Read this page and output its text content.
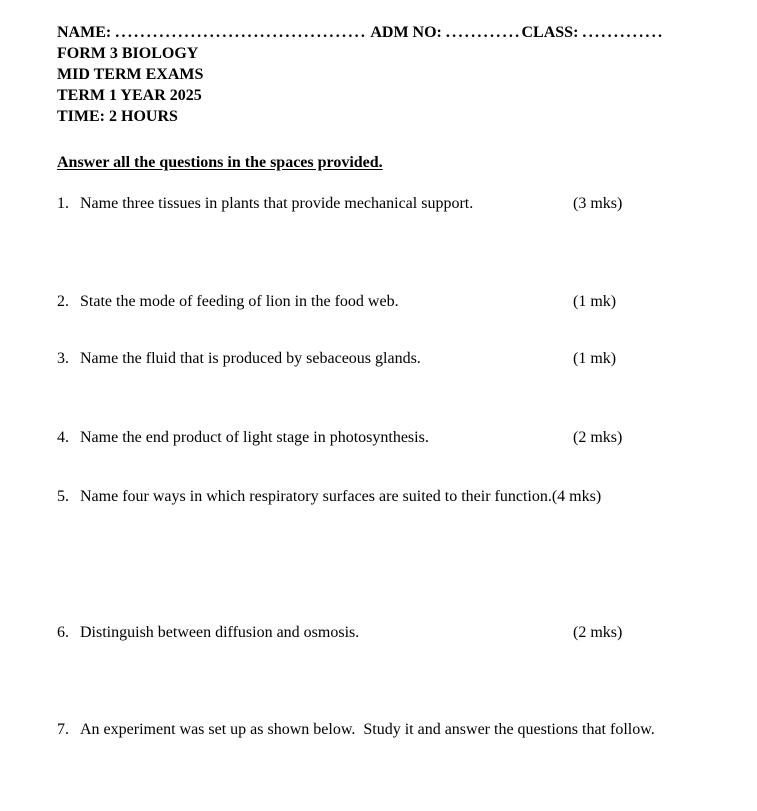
NAME: ........................................ ADM NO: ............CLASS: .............
FORM 3 BIOLOGY
MID TERM EXAMS
TERM 1 YEAR 2025
TIME: 2 HOURS
Answer all the questions in the spaces provided.
1. Name three tissues in plants that provide mechanical support.	(3 mks)
2. State the mode of feeding of lion in the food web.	(1 mk)
3. Name the fluid that is produced by sebaceous glands.	(1 mk)
4. Name the end product of light stage in photosynthesis.	(2 mks)
5. Name four ways in which respiratory surfaces are suited to their function.(4 mks)
6. Distinguish between diffusion and osmosis.	(2 mks)
7. An experiment was set up as shown below.  Study it and answer the questions that follow.
